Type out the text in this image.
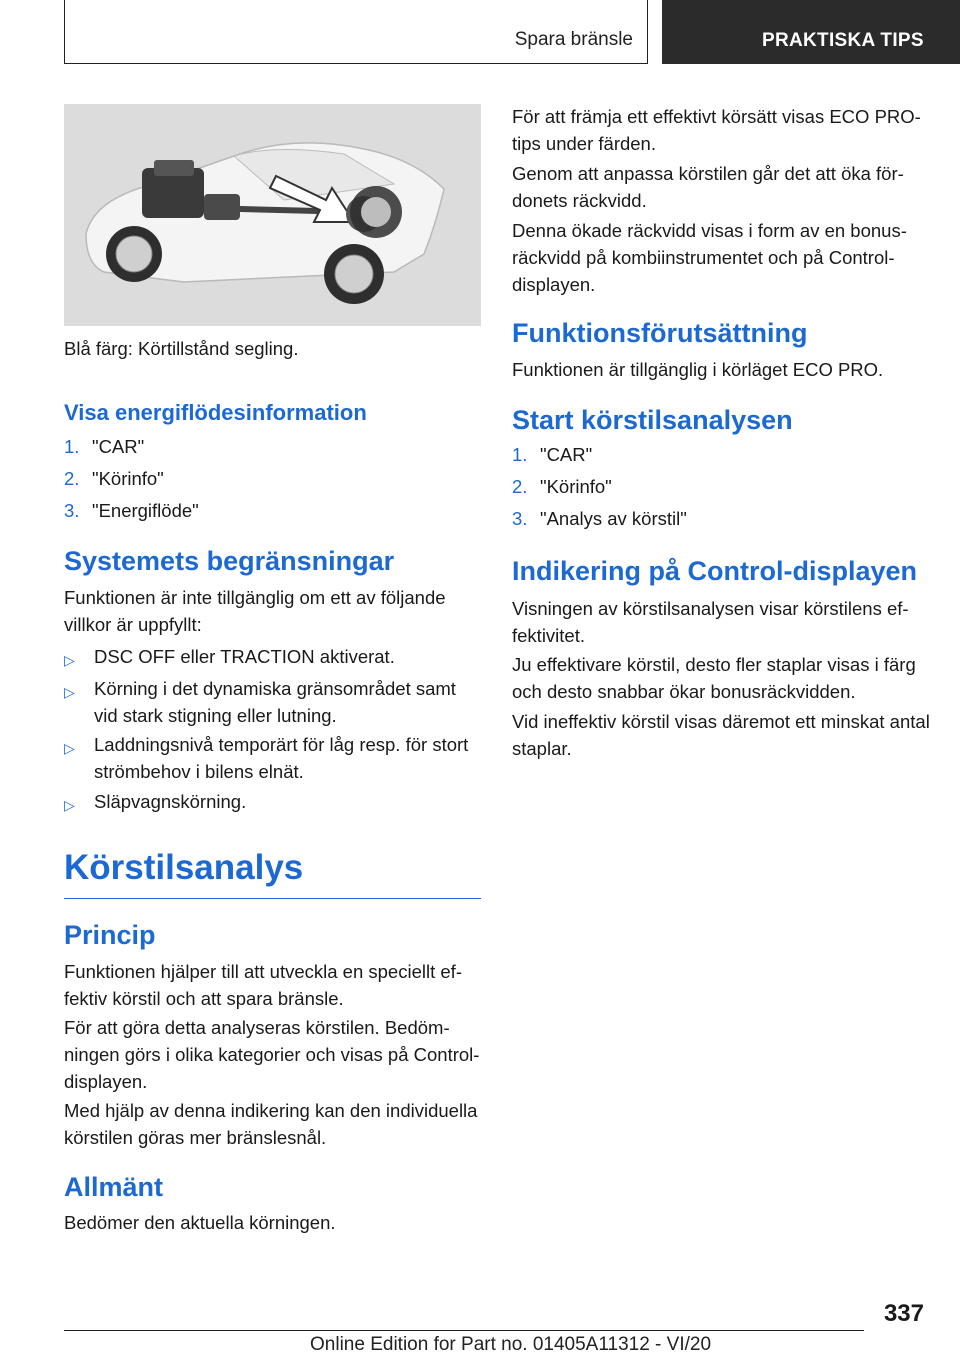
Spara bränsle	PRAKTISKA TIPS
Blå färg: Körtillstånd segling.
Visa energiflödesinformation
1. "CAR"
2. "Körinfo"
3. "Energiflöde"
Systemets begränsningar

Funktionen är inte tillgänglig om ett av följande villkor är uppfyllt:

▷ DSC OFF eller TRACTION aktiverat.
▷ Körning i det dynamiska gränsområdet samt vid stark stigning eller lutning.
▷ Laddningsnivå temporärt för låg resp. för stort strömbehov i bilens elnät.
▷ Släpvagnskörning.
Körstilsanalys
Princip

Funktionen hjälper till att utveckla en speciellt effektiv körstil och att spara bränsle.

För att göra detta analyseras körstilen. Bedömningen görs i olika kategorier och visas på Control-displayen.

Med hjälp av denna indikering kan den individuella körstilen göras mer bränslesnål.

Allmänt

Bedömer den aktuella körningen.

För att främja ett effektivt körsätt visas ECO PRO-tips under färden.

Genom att anpassa körstilen går det att öka fördonets räckvidd.

Denna ökade räckvidd visas i form av en bonusräckvidd på kombiinstrumentet och på Control-displayen.

Funktionsförutsättning

Funktionen är tillgänglig i körläget ECO PRO.

Start körstilsanalysen
1. "CAR"
2. "Körinfo"
3. "Analys av körstil"
Indikering på Control-displayen

Visningen av körstilsanalysen visar körstilens effektivitet.

Ju effektivare körstil, desto fler staplar visas i färg och desto snabbar ökar bonusräckvidden.

Vid ineffektiv körstil visas däremot ett minskat antal staplar.

337
Online Edition for Part no. 01405A11312 - VI/20
